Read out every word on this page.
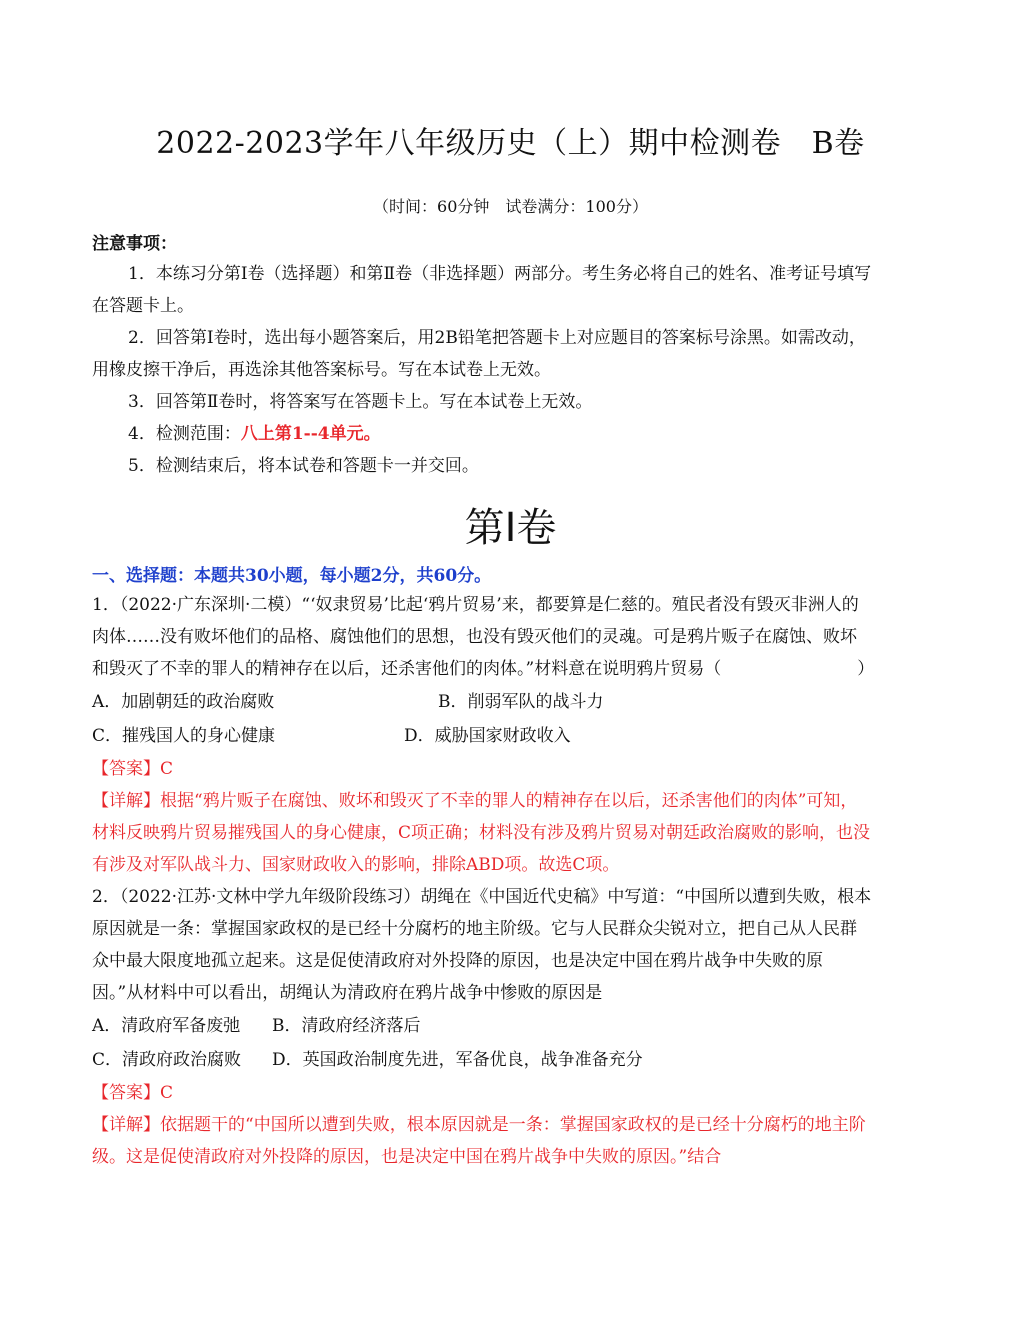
2022-2023学年八年级历史（上）期中检测卷　B卷
（时间：60分钟　试卷满分：100分）
注意事项：

1．本练习分第Ⅰ卷（选择题）和第Ⅱ卷（非选择题）两部分。考生务必将自己的姓名、准考证号填写在答题卡上。

2．回答第Ⅰ卷时，选出每小题答案后，用2B铅笔把答题卡上对应题目的答案标号涂黑。如需改动，用橡皮擦干净后，再选涂其他答案标号。写在本试卷上无效。

3．回答第Ⅱ卷时，将答案写在答题卡上。写在本试卷上无效。

4．检测范围：八上第1--4单元。

5．检测结束后，将本试卷和答题卡一并交回。

第Ⅰ卷
一、选择题：本题共30小题，每小题2分，共60分。

1．（2022·广东深圳·二模）“‘奴隶贸易’比起‘鸦片贸易’来，都要算是仁慈的。殖民者没有毁灭非洲人的肉体……没有败坏他们的品格、腐蚀他们的思想，也没有毁灭他们的灵魂。可是鸦片贩子在腐蚀、败坏和毁灭了不幸的罪人的精神存在以后，还杀害他们的肉体。”材料意在说明鸦片贸易（　　　　　　　　）

A．加剧朝廷的政治腐败	B．削弱军队的战斗力
C．摧残国人的身心健康	D．威胁国家财政收入

【答案】C

【详解】根据“鸦片贩子在腐蚀、败坏和毁灭了不幸的罪人的精神存在以后，还杀害他们的肉体”可知，材料反映鸦片贸易摧残国人的身心健康，C项正确；材料没有涉及鸦片贸易对朝廷政治腐败的影响，也没有涉及对军队战斗力、国家财政收入的影响，排除ABD项。故选C项。

2．（2022·江苏·文林中学九年级阶段练习）胡绳在《中国近代史稿》中写道：“中国所以遭到失败，根本原因就是一条：掌握国家政权的是已经十分腐朽的地主阶级。它与人民群众尖锐对立，把自己从人民群众中最大限度地孤立起来。这是促使清政府对外投降的原因，也是决定中国在鸦片战争中失败的原因。”从材料中可以看出，胡绳认为清政府在鸦片战争中惨败的原因是

A．清政府军备废弛	B．清政府经济落后
C．清政府政治腐败	D．英国政治制度先进，军备优良，战争准备充分

【答案】C

【详解】依据题干的“中国所以遭到失败，根本原因就是一条：掌握国家政权的是已经十分腐朽的地主阶级。这是促使清政府对外投降的原因，也是决定中国在鸦片战争中失败的原因。”结合
